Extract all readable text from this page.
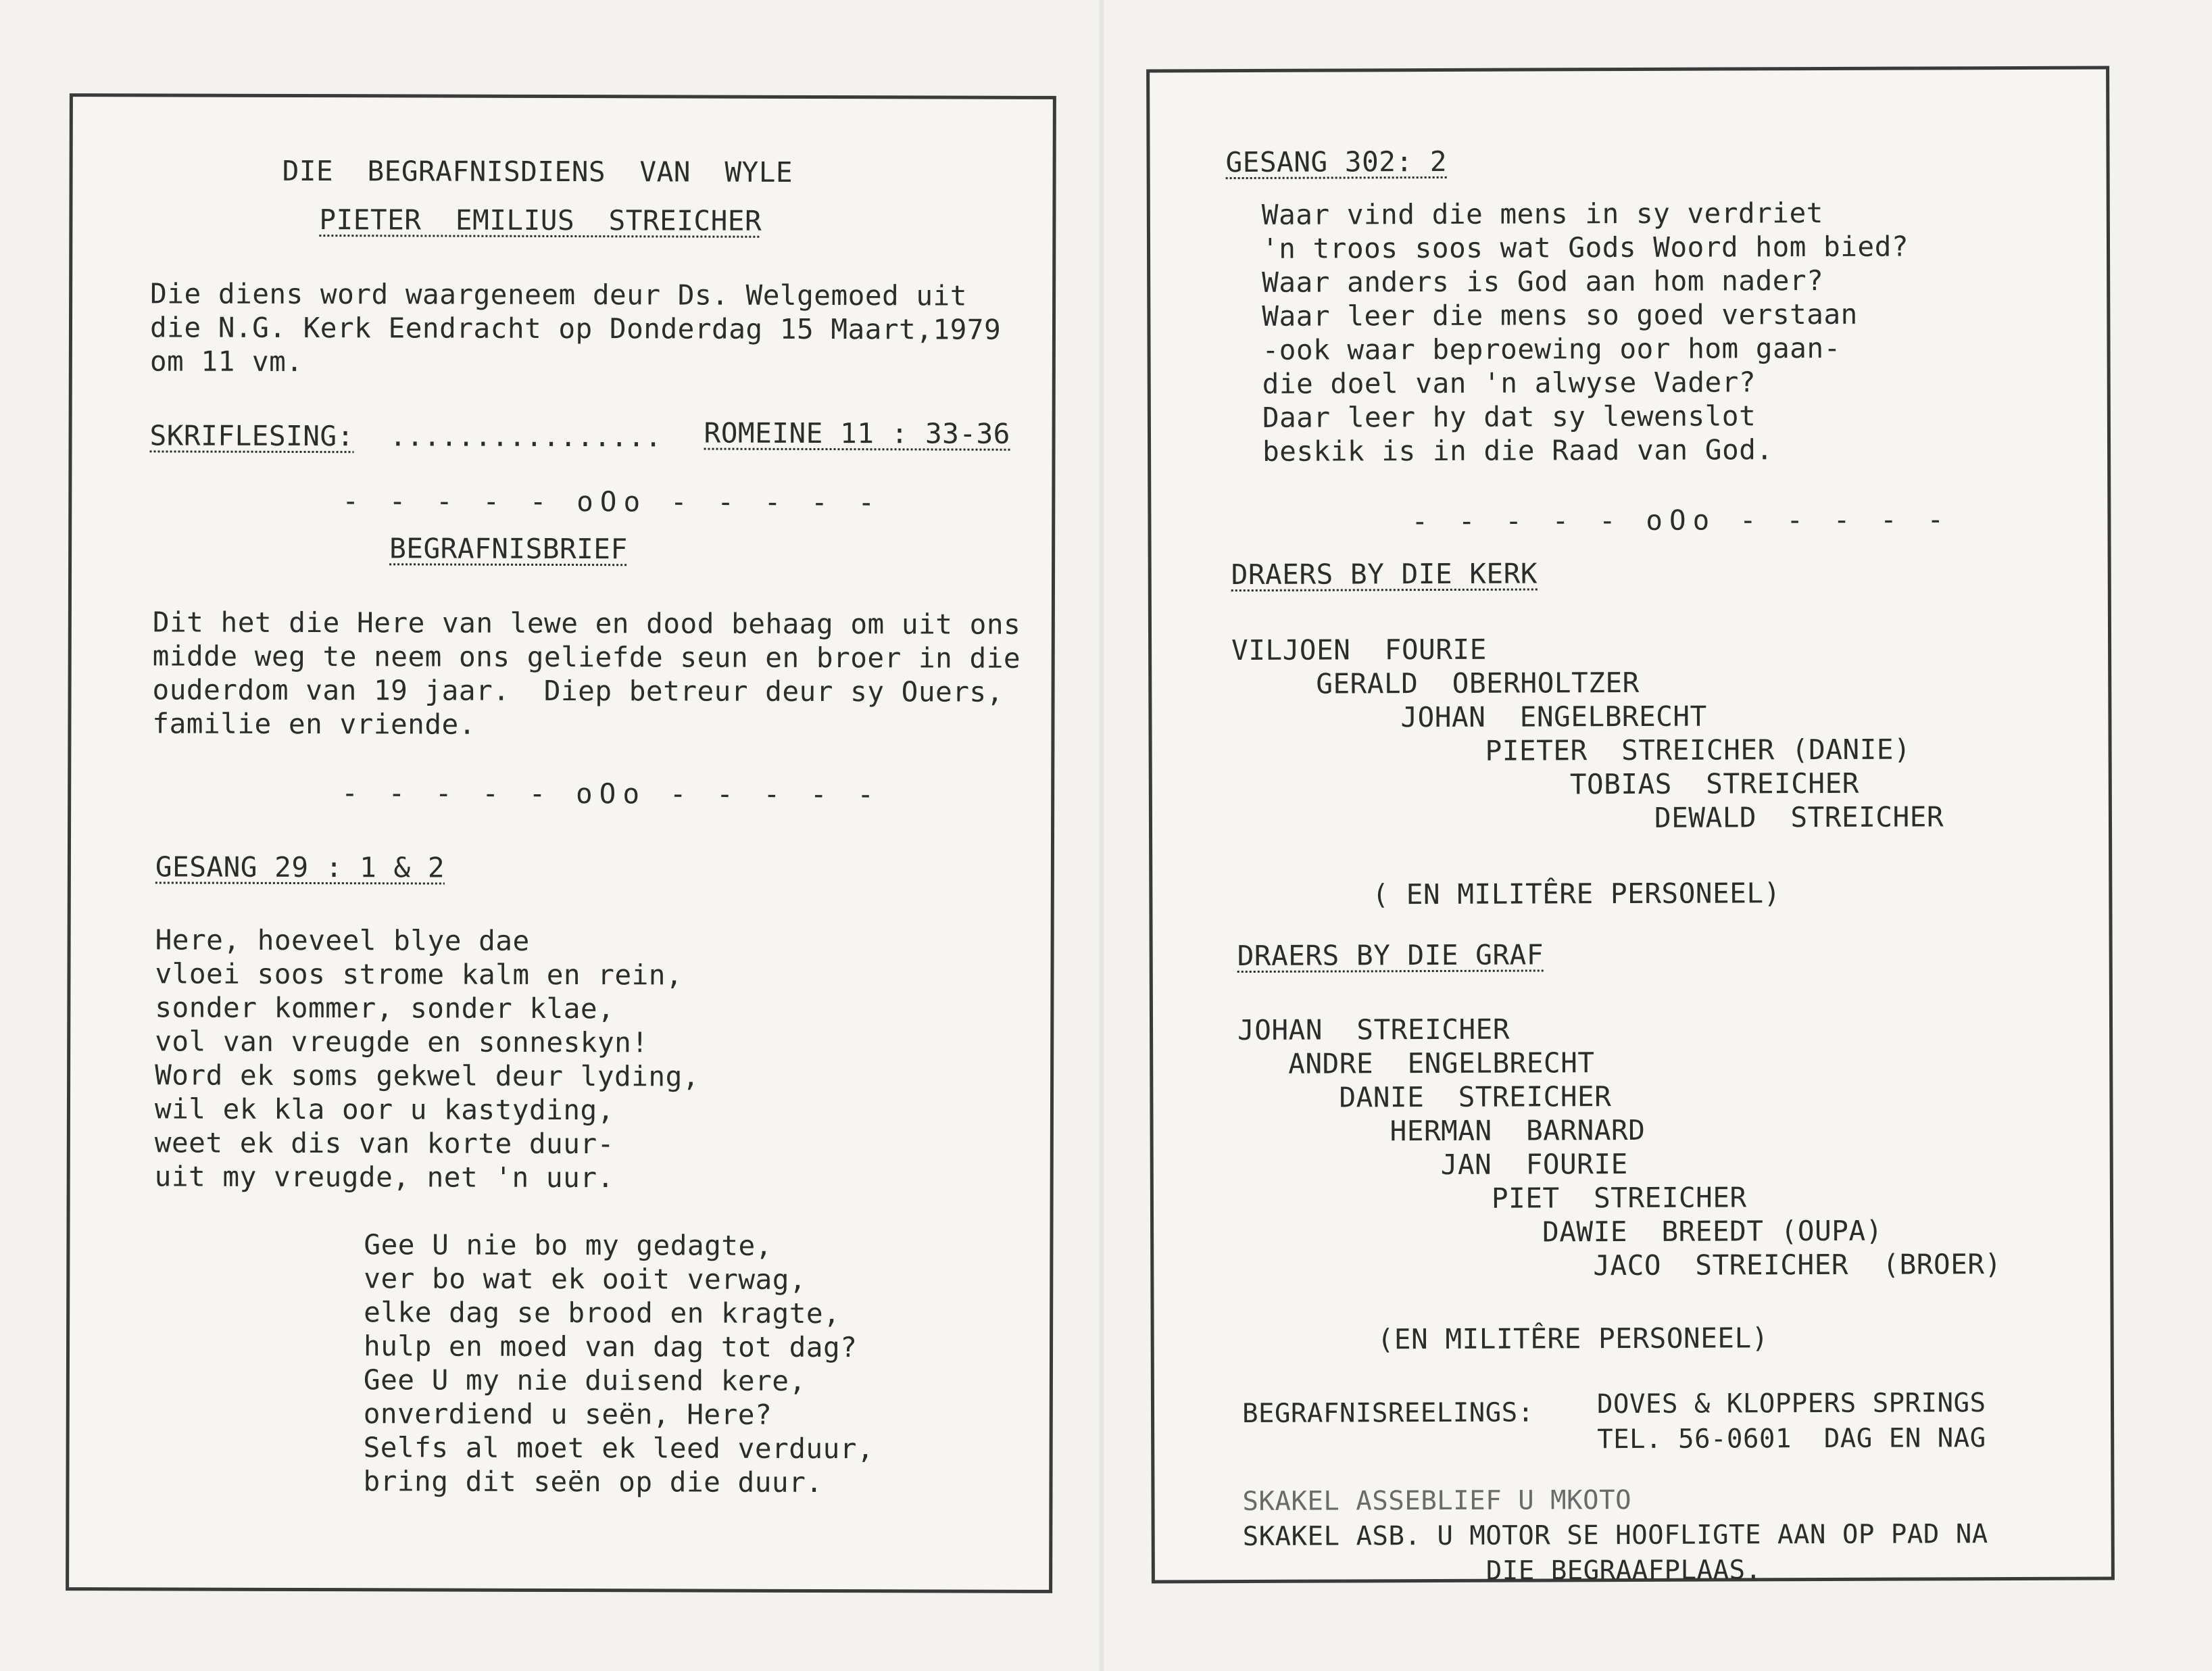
DIE  BEGRAFNISDIENS  VAN  WYLE
PIETER  EMILIUS  STREICHER
Die diens word waargeneem deur Ds. Welgemoed uit
die N.G. Kerk Eendracht op Donderdag 15 Maart,1979
om 11 vm.
SKRIFLESING: ................ ROMEINE 11 : 33-36
- - - - - oOo - - - - -
BEGRAFNISBRIEF
Dit het die Here van lewe en dood behaag om uit ons
midde weg te neem ons geliefde seun en broer in die
ouderdom van 19 jaar.  Diep betreur deur sy Ouers,
familie en vriende.
- - - - - oOo - - - - -
GESANG 29 : 1 & 2
Here, hoeveel blye dae
vloei soos strome kalm en rein,
sonder kommer, sonder klae,
vol van vreugde en sonneskyn!
Word ek soms gekwel deur lyding,
wil ek kla oor u kastyding,
weet ek dis van korte duur-
uit my vreugde, net 'n uur.
Gee U nie bo my gedagte,
ver bo wat ek ooit verwag,
elke dag se brood en kragte,
hulp en moed van dag tot dag?
Gee U my nie duisend kere,
onverdiend u seën, Here?
Selfs al moet ek leed verduur,
bring dit seën op die duur.
GESANG 302: 2
Waar vind die mens in sy verdriet
'n troos soos wat Gods Woord hom bied?
Waar anders is God aan hom nader?
Waar leer die mens so goed verstaan
-ook waar beproewing oor hom gaan-
die doel van 'n alwyse Vader?
Daar leer hy dat sy lewenslot
beskik is in die Raad van God.
- - - - - oOo - - - - -
DRAERS BY DIE KERK
VILJOEN  FOURIE
GERALD  OBERHOLTZER
JOHAN  ENGELBRECHT
PIETER  STREICHER (DANIE)
TOBIAS  STREICHER
DEWALD  STREICHER
( EN MILITÊRE PERSONEEL)
DRAERS BY DIE GRAF
JOHAN  STREICHER
ANDRE  ENGELBRECHT
DANIE  STREICHER
HERMAN  BARNARD
JAN  FOURIE
PIET  STREICHER
DAWIE  BREEDT (OUPA)
JACO  STREICHER  (BROER)
(EN MILITÊRE PERSONEEL)
BEGRAFNISREELINGS: DOVES & KLOPPERS SPRINGS
TEL. 56-0601  DAG EN NAG
SKAKEL ASSEBLIEF U MKOTO
SKAKEL ASB. U MOTOR SE HOOFLIGTE AAN OP PAD NA
DIE BEGRAAFPLAAS.
